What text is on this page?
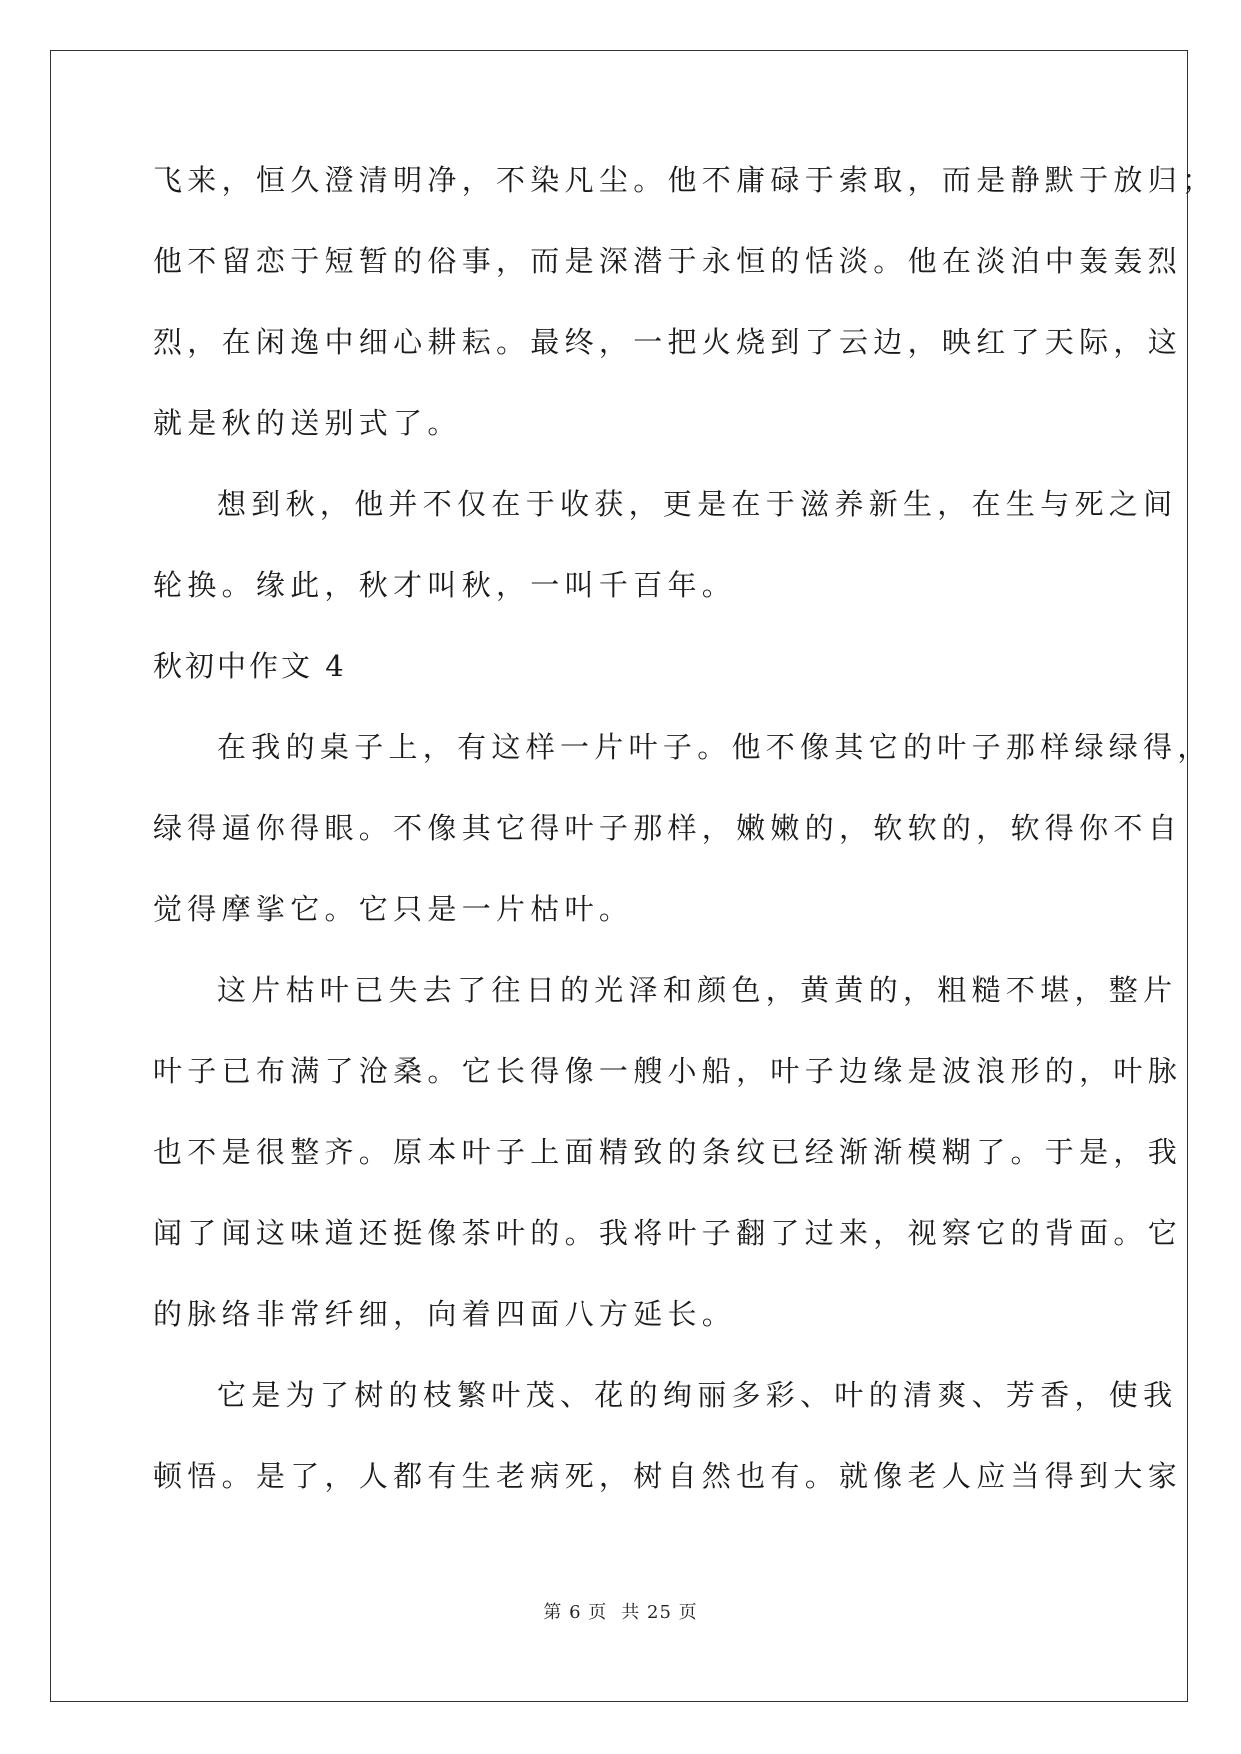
飞来，恒久澄清明净，不染凡尘。他不庸碌于索取，而是静默于放归；
他不留恋于短暂的俗事，而是深潜于永恒的恬淡。他在淡泊中轰轰烈
烈，在闲逸中细心耕耘。最终，一把火烧到了云边，映红了天际，这
就是秋的送别式了。
想到秋，他并不仅在于收获，更是在于滋养新生，在生与死之间
轮换。缘此，秋才叫秋，一叫千百年。
秋初中作文 4
在我的桌子上，有这样一片叶子。他不像其它的叶子那样绿绿得，
绿得逼你得眼。不像其它得叶子那样，嫩嫩的，软软的，软得你不自
觉得摩挲它。它只是一片枯叶。
这片枯叶已失去了往日的光泽和颜色，黄黄的，粗糙不堪，整片
叶子已布满了沧桑。它长得像一艘小船，叶子边缘是波浪形的，叶脉
也不是很整齐。原本叶子上面精致的条纹已经渐渐模糊了。于是，我
闻了闻这味道还挺像茶叶的。我将叶子翻了过来，视察它的背面。它
的脉络非常纤细，向着四面八方延长。
它是为了树的枝繁叶茂、花的绚丽多彩、叶的清爽、芳香，使我
顿悟。是了，人都有生老病死，树自然也有。就像老人应当得到大家
第 6 页 共 25 页
